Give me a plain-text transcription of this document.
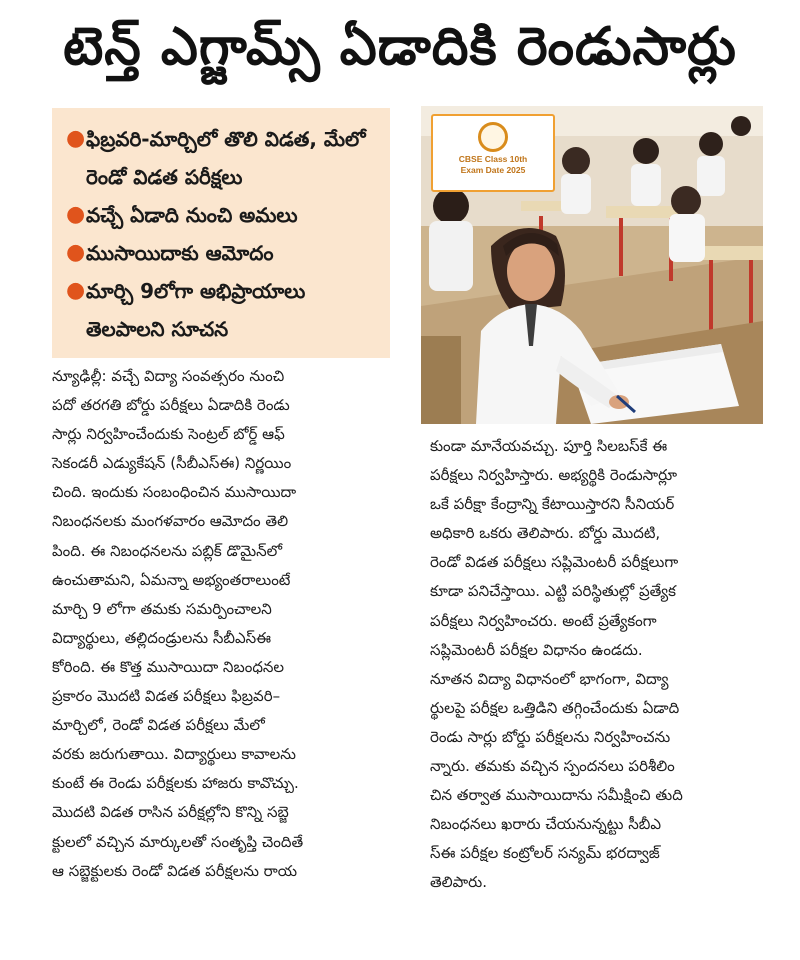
టెన్త్ ఎగ్జామ్స్ ఏడాదికి రెండుసార్లు
● ఫిబ్రవరి-మార్చిలో తొలి విడత, మేలో రెండో విడత పరీక్షలు
● వచ్చే ఏడాది నుంచి అమలు
● ముసాయిదాకు ఆమోదం
● మార్చి 9లోగా అభిప్రాయాలు తెలపాలని సూచన
CBSE Class 10th
Exam Date 2025

న్యూఢిల్లీ: వచ్చే విద్యా సంవత్సరం నుంచి
పదో తరగతి బోర్డు పరీక్షలు ఏడాదికి రెండు
సార్లు నిర్వహించేందుకు సెంట్రల్ బోర్డ్ ఆఫ్
సెకండరీ ఎడ్యుకేషన్ (సీబీఎస్ఈ) నిర్ణయిం
చింది. ఇందుకు సంబంధించిన ముసాయిదా
నిబంధనలకు మంగళవారం ఆమోదం తెలి
పింది. ఈ నిబంధనలను పబ్లిక్ డొమైన్‌లో
ఉంచుతామని, ఏమన్నా అభ్యంతరాలుంటే
మార్చి 9 లోగా తమకు సమర్పించాలని
విద్యార్థులు, తల్లిదండ్రులను సీబీఎస్ఈ
కోరింది. ఈ కొత్త ముసాయిదా నిబంధనల
ప్రకారం మొదటి విడత పరీక్షలు ఫిబ్రవరి–
మార్చిలో, రెండో విడత పరీక్షలు మేలో
వరకు జరుగుతాయి. విద్యార్థులు కావాలను
కుంటే ఈ రెండు పరీక్షలకు హాజరు కావొచ్చు.
మొదటి విడత రాసిన పరీక్షల్లోని కొన్ని సబ్జె
క్టులలో వచ్చిన మార్కులతో సంతృప్తి చెందితే
ఆ సబ్జెక్టులకు రెండో విడత పరీక్షలను రాయ

కుండా మానేయవచ్చు. పూర్తి సిలబస్‌కే ఈ
పరీక్షలు నిర్వహిస్తారు. అభ్యర్థికి రెండుసార్లూ
ఒకే పరీక్షా కేంద్రాన్ని కేటాయిస్తారని సీనియర్
అధికారి ఒకరు తెలిపారు. బోర్డు మొదటి,
రెండో విడత పరీక్షలు సప్లిమెంటరీ పరీక్షలుగా
కూడా పనిచేస్తాయి. ఎట్టి పరిస్థితుల్లో ప్రత్యేక
పరీక్షలు నిర్వహించరు. అంటే ప్రత్యేకంగా
సప్లిమెంటరీ పరీక్షల విధానం ఉండదు.
నూతన విద్యా విధానంలో భాగంగా, విద్యా
ర్థులపై పరీక్షల ఒత్తిడిని తగ్గించేందుకు ఏడాది
రెండు సార్లు బోర్డు పరీక్షలను నిర్వహించను
న్నారు. తమకు వచ్చిన స్పందనలు పరిశీలిం
చిన తర్వాత ముసాయిదాను సమీక్షించి తుది
నిబంధనలు ఖరారు చేయనున్నట్టు సీబీఎ
స్ఈ పరీక్షల కంట్రోలర్ సన్యమ్ భరద్వాజ్
తెలిపారు.
